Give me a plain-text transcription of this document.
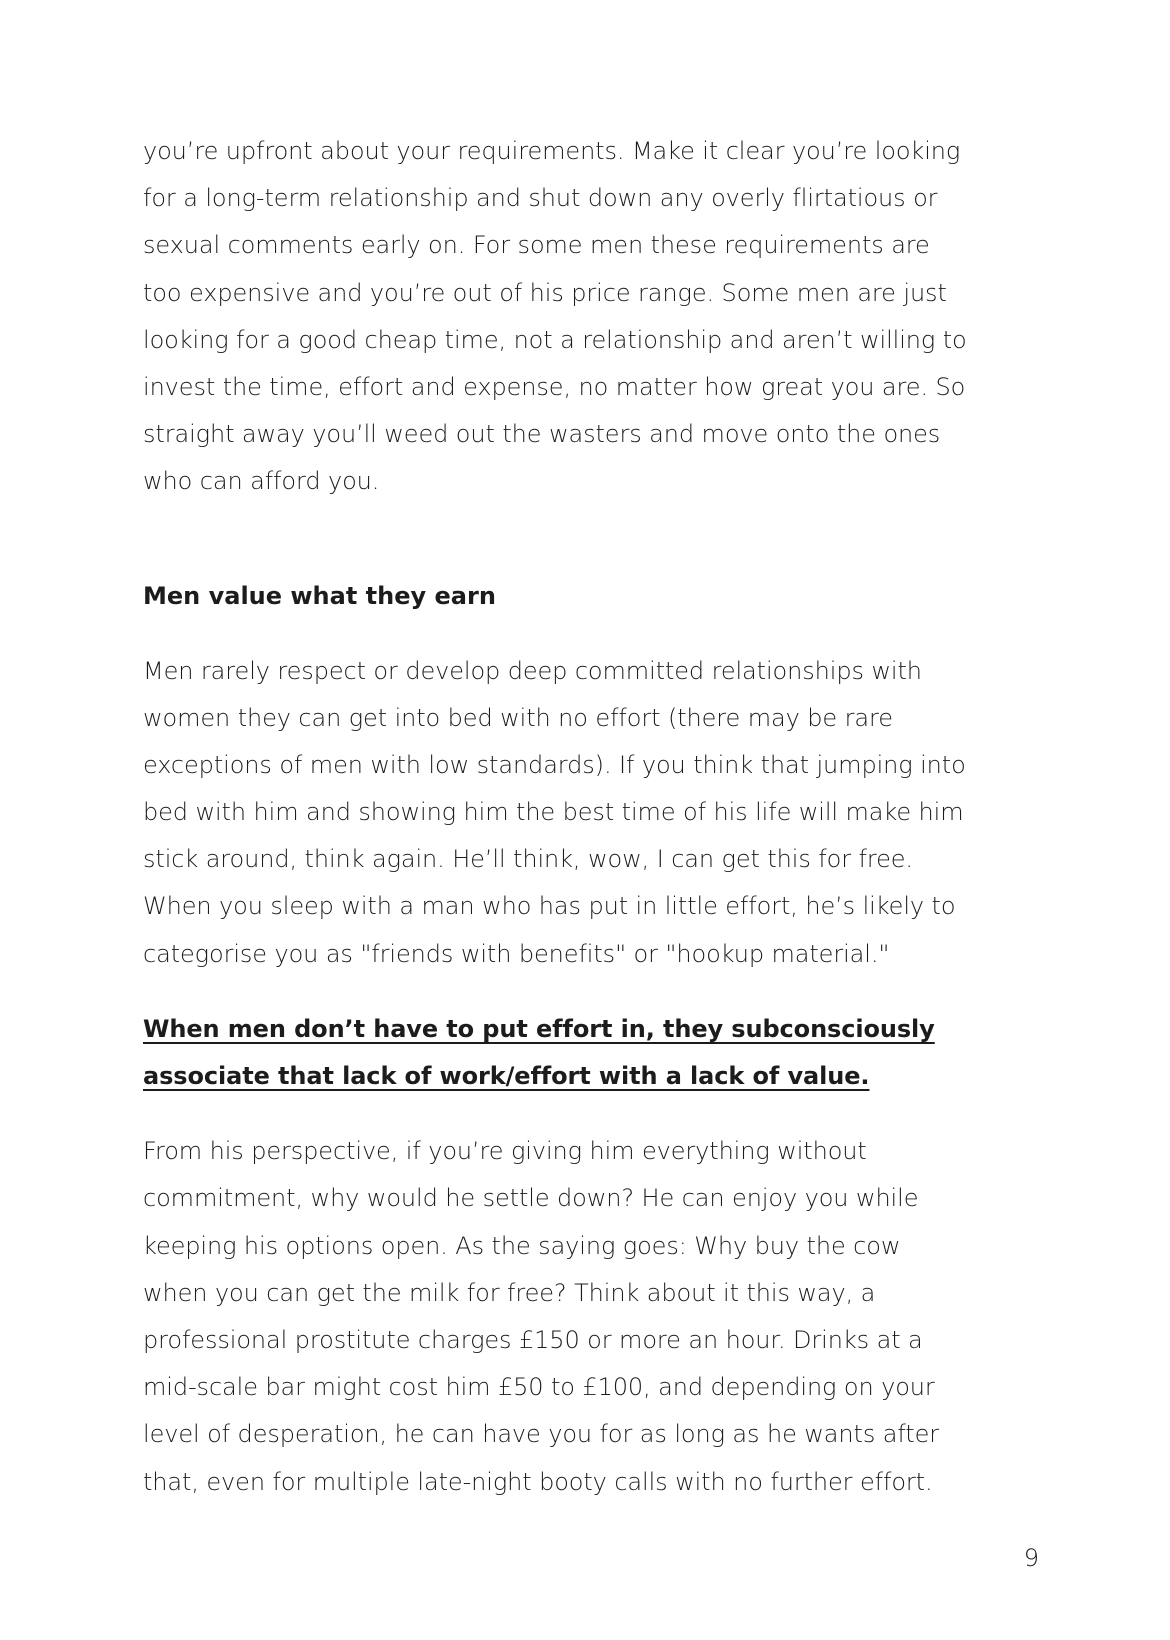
you’re upfront about your requirements. Make it clear you’re looking
for a long-term relationship and shut down any overly flirtatious or
sexual comments early on. For some men these requirements are
too expensive and you’re out of his price range. Some men are just
looking for a good cheap time, not a relationship and aren’t willing to
invest the time, effort and expense, no matter how great you are. So
straight away you’ll weed out the wasters and move onto the ones
who can afford you.
Men value what they earn
Men rarely respect or develop deep committed relationships with
women they can get into bed with no effort (there may be rare
exceptions of men with low standards). If you think that jumping into
bed with him and showing him the best time of his life will make him
stick around, think again. He’ll think, wow, I can get this for free.
When you sleep with a man who has put in little effort, he’s likely to
categorise you as "friends with benefits" or "hookup material."
When men don’t have to put effort in, they subconsciously
associate that lack of work/effort with a lack of value.
From his perspective, if you’re giving him everything without
commitment, why would he settle down? He can enjoy you while
keeping his options open. As the saying goes: Why buy the cow
when you can get the milk for free? Think about it this way, a
professional prostitute charges £150 or more an hour. Drinks at a
mid-scale bar might cost him £50 to £100, and depending on your
level of desperation, he can have you for as long as he wants after
that, even for multiple late-night booty calls with no further effort.
9
